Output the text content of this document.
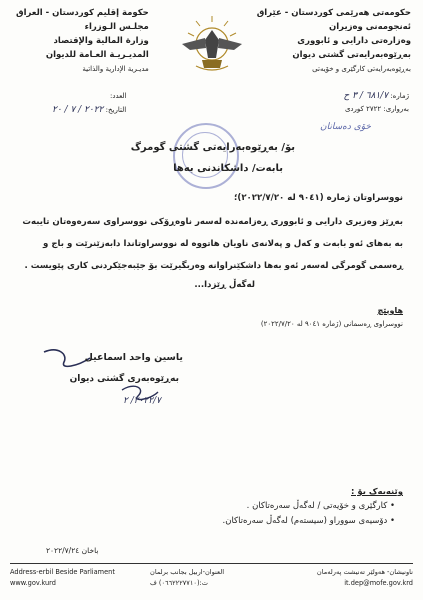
حکومەتی هەرێمی کوردستان - عێراق
ئەنجومەنی وەزیران
وەزارەتی دارایی و ئابووری
بەڕێوەبەرایەتی گشتی دیوان
بەڕێوەبەرایەتی کارگێری و خۆیەتی
حكومة إقليم كوردستان - العراق
مجلـس الـوزراء
وزارة المالية والإقتصاد
المديـريـة العـامة للديوان
مديـرية الإدارية والذاتية
ژمارە: ٦٨١/٧ / ٣ ح
بەرواری: ٢٧٢٢ کوردی
خۆی دەسانان
العدد:
التاريخ: ٢٠٢٢ / ٧ / ٢٠
بۆ/ بەڕێوەبەرایەتی گشتی گومرگ
بابەت/ داشکاندنی بەها
نووسراوتان ژمارە (٩٠٤١ لە ٢٠٢٢/٧/٢٠)؛
بەڕێز وەزیری دارایی و ئابووری ڕەزامەندە لەسەر ناوەڕۆکی نووسراوی سەرەوەتان تایبەت بە بەهای ئەو بابەت و کەل و پەلانەی ناویان هاتووە لە نووسراوتاندا دابەزێنرێت و باج و ڕەسمی گومرگی لەسەر ئەو بەها داشکێنراوانە وەربگیرێت بۆ جێبەجێکردنی کاری پێویست .
لەگەڵ ڕێزدا...
هاوپێچ
نووسراوی ڕەسمانی (ژمارە ٩٠٤١ لە ٢٠٢٢/٧/٢٠)
یاسین واحد اسماعیل
بەڕێوەبەری گشتی دیوان
٢٠٢٢/٧/ ٢
وێنەیەک بۆ :
• کارگێری و خۆیەتی / لەگەڵ سەرەتاکان .
• دۆسیەی سووراو (سیستەم) لەگەڵ سەرەتاکان.
باخان ٢٠٢٢/٧/٢٤
Address-erbil Beside Parliament
www.gov.kurd
العنوان-اربيل بجانب برلمان
ت:(٠٦٦٢٢٢٧٧١٠) ف
ناونیشان- هەولێر تەنیشت پەرلەمان
it.dep@mofe.gov.krd
